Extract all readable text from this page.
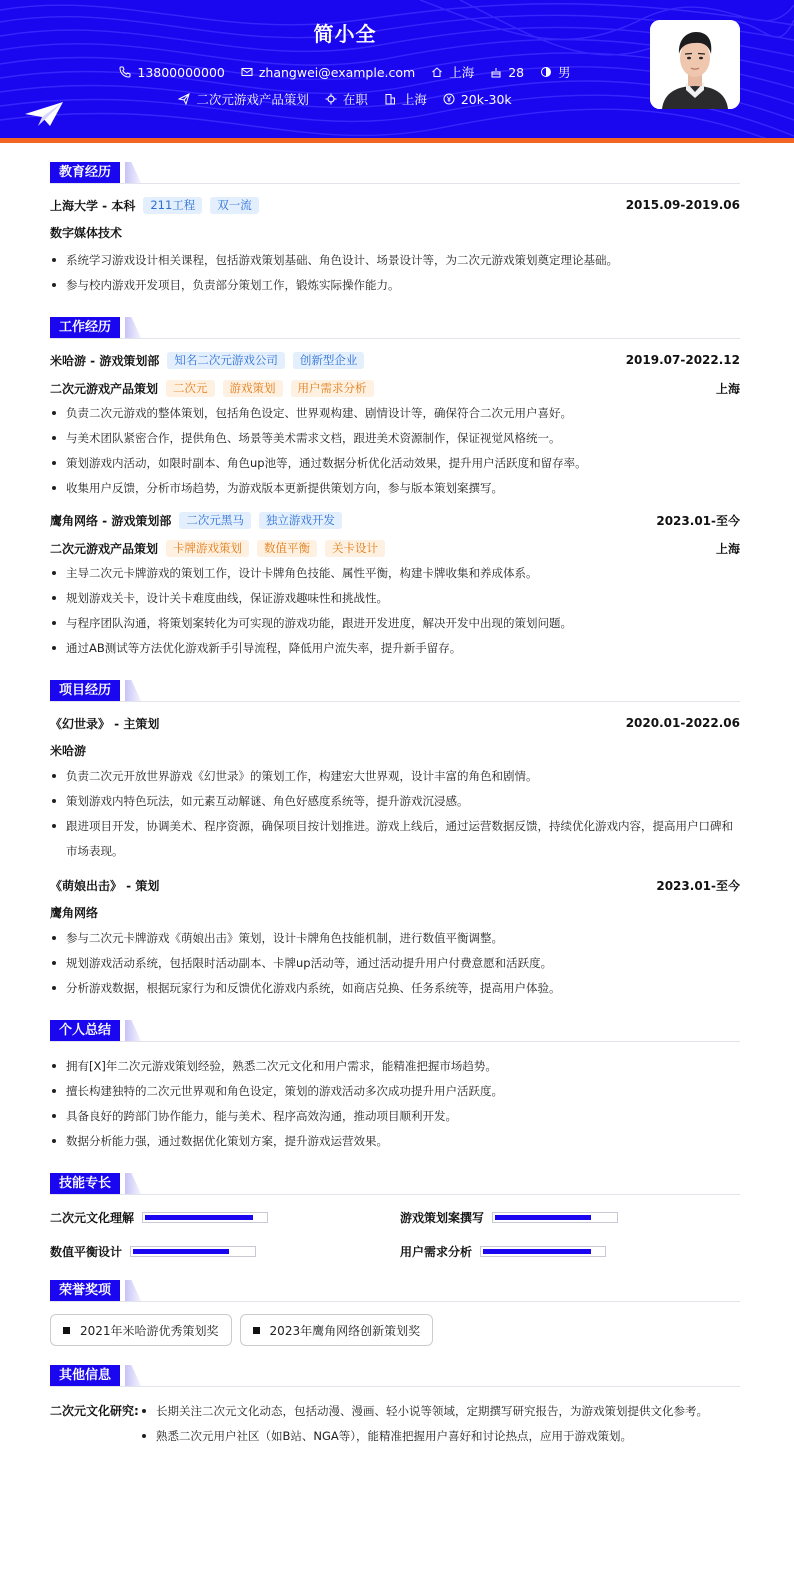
简小全
13800000000
	zhangwei@example.com
	上海
	28
	男
二次元游戏产品策划
	在职
	上海
	20k-30k
教育经历
上海大学 - 本科	211工程	双一流	2015.09-2019.06
数字媒体技术
系统学习游戏设计相关课程，包括游戏策划基础、角色设计、场景设计等，为二次元游戏策划奠定理论基础。
参与校内游戏开发项目，负责部分策划工作，锻炼实际操作能力。
工作经历
米哈游 - 游戏策划部	知名二次元游戏公司	创新型企业	2019.07-2022.12
二次元游戏产品策划	二次元	游戏策划	用户需求分析	上海
负责二次元游戏的整体策划，包括角色设定、世界观构建、剧情设计等，确保符合二次元用户喜好。
与美术团队紧密合作，提供角色、场景等美术需求文档，跟进美术资源制作，保证视觉风格统一。
策划游戏内活动，如限时副本、角色up池等，通过数据分析优化活动效果，提升用户活跃度和留存率。
收集用户反馈，分析市场趋势，为游戏版本更新提供策划方向，参与版本策划案撰写。
鹰角网络 - 游戏策划部	二次元黑马	独立游戏开发	2023.01-至今
二次元游戏产品策划	卡牌游戏策划	数值平衡	关卡设计	上海
主导二次元卡牌游戏的策划工作，设计卡牌角色技能、属性平衡，构建卡牌收集和养成体系。
规划游戏关卡，设计关卡难度曲线，保证游戏趣味性和挑战性。
与程序团队沟通，将策划案转化为可实现的游戏功能，跟进开发进度，解决开发中出现的策划问题。
通过AB测试等方法优化游戏新手引导流程，降低用户流失率，提升新手留存。
项目经历
《幻世录》 - 主策划	2020.01-2022.06
米哈游
负责二次元开放世界游戏《幻世录》的策划工作，构建宏大世界观，设计丰富的角色和剧情。
策划游戏内特色玩法，如元素互动解谜、角色好感度系统等，提升游戏沉浸感。
跟进项目开发，协调美术、程序资源，确保项目按计划推进。游戏上线后，通过运营数据反馈，持续优化游戏内容，提高用户口碑和市场表现。
《萌娘出击》 - 策划	2023.01-至今
鹰角网络
参与二次元卡牌游戏《萌娘出击》策划，设计卡牌角色技能机制，进行数值平衡调整。
规划游戏活动系统，包括限时活动副本、卡牌up活动等，通过活动提升用户付费意愿和活跃度。
分析游戏数据，根据玩家行为和反馈优化游戏内系统，如商店兑换、任务系统等，提高用户体验。
个人总结
拥有[X]年二次元游戏策划经验，熟悉二次元文化和用户需求，能精准把握市场趋势。
擅长构建独特的二次元世界观和角色设定，策划的游戏活动多次成功提升用户活跃度。
具备良好的跨部门协作能力，能与美术、程序高效沟通，推动项目顺利开发。
数据分析能力强，通过数据优化策划方案，提升游戏运营效果。
技能专长
二次元文化理解	游戏策划案撰写
数值平衡设计	用户需求分析
荣誉奖项
2021年米哈游优秀策划奖	2023年鹰角网络创新策划奖
其他信息
二次元文化研究:	长期关注二次元文化动态，包括动漫、漫画、轻小说等领域，定期撰写研究报告，为游戏策划提供文化参考。
熟悉二次元用户社区（如B站、NGA等），能精准把握用户喜好和讨论热点，应用于游戏策划。
